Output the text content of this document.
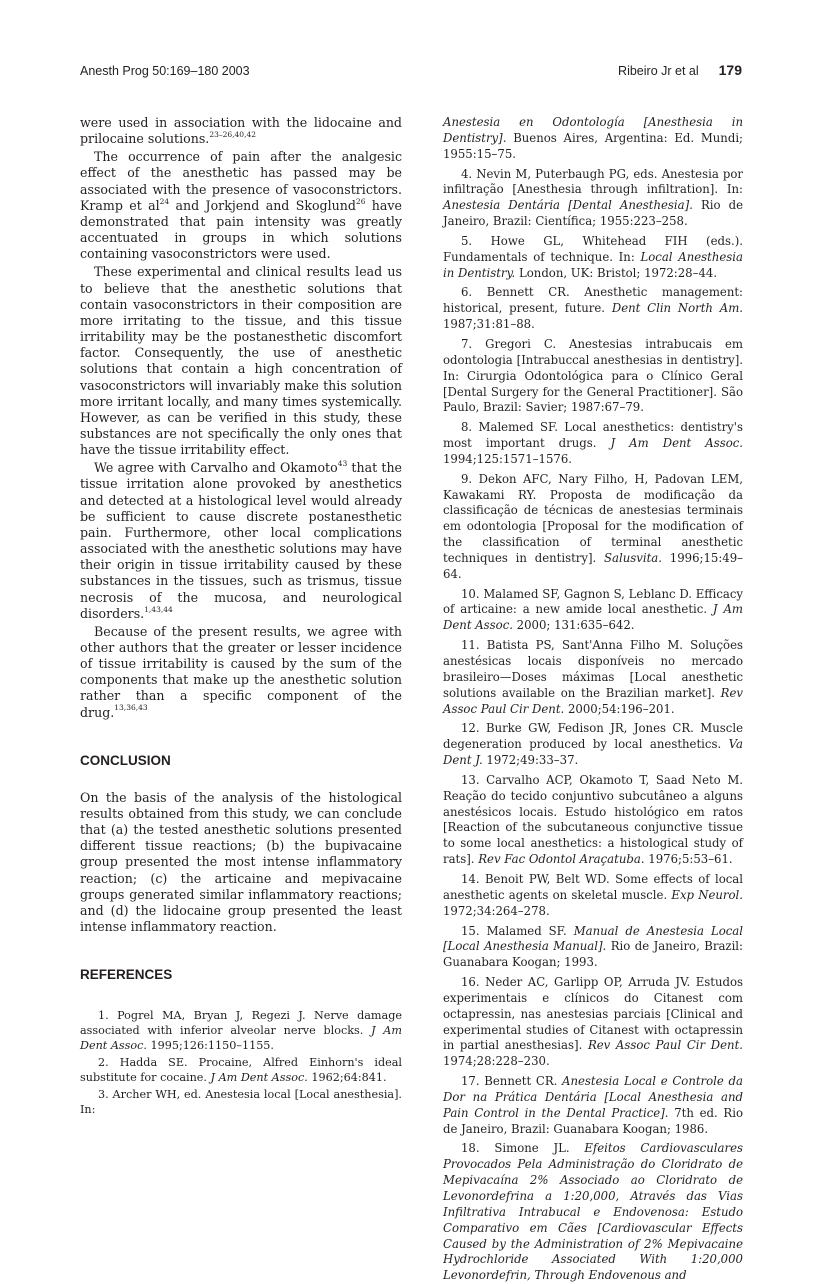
Anesth Prog 50:169–180 2003	Ribeiro Jr et al 179

were used in association with the lidocaine and prilocaine solutions.$^{23-26,40,42}$

The occurrence of pain after the analgesic effect of the anesthetic has passed may be associated with the presence of vasoconstrictors. Kramp et $al^{24}$ and Jorkjend and Skoglund$^{26}$ have demonstrated that pain intensity was greatly accentuated in groups in which solutions containing vasoconstrictors were used.

These experimental and clinical results lead us to believe that the anesthetic solutions that contain vasoconstrictors in their composition are more irritating to the tissue, and this tissue irritability may be the postanesthetic discomfort factor. Consequently, the use of anesthetic solutions that contain a high concentration of vasoconstrictors will invariably make this solution more irritant locally, and many times systemically. However, as can be verified in this study, these substances are not specifically the only ones that have the tissue irritability effect.

We agree with Carvalho and Okamoto$^{43}$ that the tissue irritation alone provoked by anesthetics and detected at a histological level would already be sufficient to cause discrete postanesthetic pain. Furthermore, other local complications associated with the anesthetic solutions may have their origin in tissue irritability caused by these substances in the tissues, such as trismus, tissue necrosis of the mucosa, and neurological disorders.$^{1,43,44}$

Because of the present results, we agree with other authors that the greater or lesser incidence of tissue irritability is caused by the sum of the components that make up the anesthetic solution rather than a specific component of the drug.$^{13,36,43}$

CONCLUSION

On the basis of the analysis of the histological results obtained from this study, we can conclude that (a) the tested anesthetic solutions presented different tissue reactions; (b) the bupivacaine group presented the most intense inflammatory reaction; (c) the articaine and mepivacaine groups generated similar inflammatory reactions; and (d) the lidocaine group presented the least intense inflammatory reaction.

REFERENCES

1. Pogrel MA, Bryan J, Regezi J. Nerve damage associated with inferior alveolar nerve blocks. J Am Dent Assoc. 1995;126:1150–1155.

2. Hadda SE. Procaine, Alfred Einhorn's ideal substitute for cocaine. J Am Dent Assoc. 1962;64:841.

3. Archer WH, ed. Anestesia local [Local anesthesia]. In:

Anestesia en Odontología [Anesthesia in Dentistry]. Buenos Aires, Argentina: Ed. Mundi; 1955:15–75.

4. Nevin M, Puterbaugh PG, eds. Anestesia por infiltração [Anesthesia through infiltration]. In: Anestesia Dentária [Dental Anesthesia]. Rio de Janeiro, Brazil: Científica; 1955:223–258.

5. Howe GL, Whitehead FIH (eds.). Fundamentals of technique. In: Local Anesthesia in Dentistry. London, UK: Bristol; 1972:28–44.

6. Bennett CR. Anesthetic management: historical, present, future. Dent Clin North Am. 1987;31:81–88.

7. Gregori C. Anestesias intrabucais em odontologia [Intrabuccal anesthesias in dentistry]. In: Cirurgia Odontológica para o Clínico Geral [Dental Surgery for the General Practitioner]. São Paulo, Brazil: Savier; 1987:67–79.

8. Malemed SF. Local anesthetics: dentistry's most important drugs. J Am Dent Assoc. 1994;125:1571–1576.

9. Dekon AFC, Nary Filho, H, Padovan LEM, Kawakami RY. Proposta de modificação da classificação de técnicas de anestesias terminais em odontologia [Proposal for the modification of the classification of terminal anesthetic techniques in dentistry]. Salusvita. 1996;15:49–64.

10. Malamed SF, Gagnon S, Leblanc D. Efficacy of articaine: a new amide local anesthetic. J Am Dent Assoc. 2000; 131:635–642.

11. Batista PS, Sant'Anna Filho M. Soluções anestésicas locais disponíveis no mercado brasileiro—Doses máximas [Local anesthetic solutions available on the Brazilian market]. Rev Assoc Paul Cir Dent. 2000;54:196–201.

12. Burke GW, Fedison JR, Jones CR. Muscle degeneration produced by local anesthetics. Va Dent J. 1972;49:33–37.

13. Carvalho ACP, Okamoto T, Saad Neto M. Reação do tecido conjuntivo subcutâneo a alguns anestésicos locais. Estudo histológico em ratos [Reaction of the subcutaneous conjunctive tissue to some local anesthetics: a histological study of rats]. Rev Fac Odontol Araçatuba. 1976;5:53–61.

14. Benoit PW, Belt WD. Some effects of local anesthetic agents on skeletal muscle. Exp Neurol. 1972;34:264–278.

15. Malamed SF. Manual de Anestesia Local [Local Anesthesia Manual]. Rio de Janeiro, Brazil: Guanabara Koogan; 1993.

16. Neder AC, Garlipp OP, Arruda JV. Estudos experimentais e clínicos do Citanest com octapressin, nas anestesias parciais [Clinical and experimental studies of Citanest with octapressin in partial anesthesias]. Rev Assoc Paul Cir Dent. 1974;28:228–230.

17. Bennett CR. Anestesia Local e Controle da Dor na Prática Dentária [Local Anesthesia and Pain Control in the Dental Practice]. 7th ed. Rio de Janeiro, Brazil: Guanabara Koogan; 1986.

18. Simone JL. Efeitos Cardiovasculares Provocados Pela Administração do Cloridrato de Mepivacaína 2% Associado ao Cloridrato de Levonordefrina a 1:20,000, Através das Vias Infiltrativa Intrabucal e Endovenosa: Estudo Comparativo em Cães [Cardiovascular Effects Caused by the Administration of 2% Mepivacaine Hydrochloride Associated With 1:20,000 Levonordefrin, Through Endovenous and
